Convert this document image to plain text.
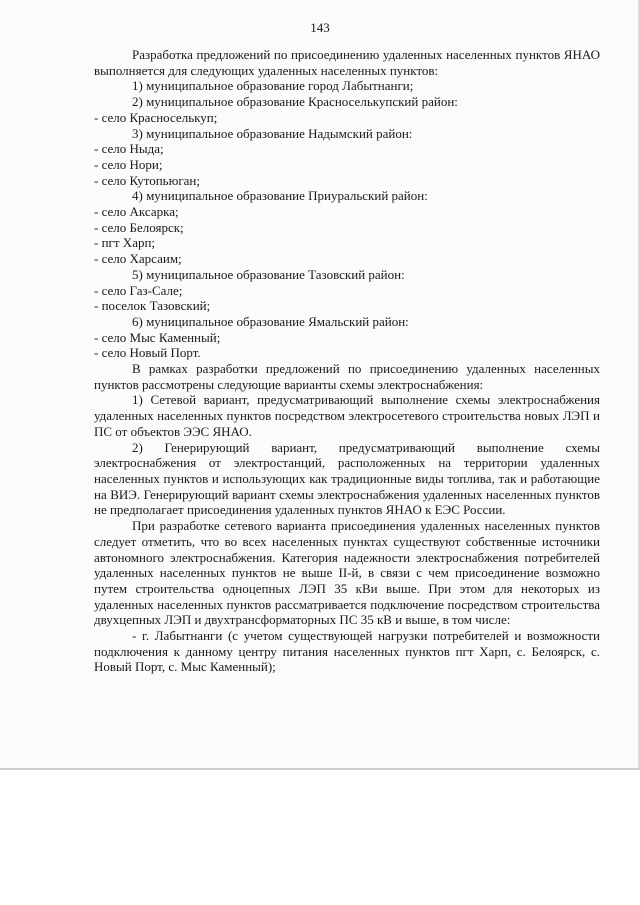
143

Разработка предложений по присоединению удаленных населенных пунктов ЯНАО выполняется для следующих удаленных населенных пунктов:

1) муниципальное образование город Лабытнанги;

2) муниципальное образование Красноселькупский район:

- село Красноселькуп;

3) муниципальное образование Надымский район:

- село Ныда;

- село Нори;

- село Кутопьюган;

4) муниципальное образование Приуральский район:

- село Аксарка;

- село Белоярск;

- пгт Харп;

- село Харсаим;

5) муниципальное образование Тазовский район:

- село Газ-Сале;

- поселок Тазовский;

6) муниципальное образование Ямальский район:

- село Мыс Каменный;

- село Новый Порт.

В рамках разработки предложений по присоединению удаленных населенных пунктов рассмотрены следующие варианты схемы электроснабжения:

1) Сетевой вариант, предусматривающий выполнение схемы электроснабжения удаленных населенных пунктов посредством электросетевого строительства новых ЛЭП и ПС от объектов ЭЭС ЯНАО.

2) Генерирующий вариант, предусматривающий выполнение схемы электроснабжения от электростанций, расположенных на территории удаленных населенных пунктов и использующих как традиционные виды топлива, так и работающие на ВИЭ. Генерирующий вариант схемы электроснабжения удаленных населенных пунктов не предполагает присоединения удаленных пунктов ЯНАО к ЕЭС России.

При разработке сетевого варианта присоединения удаленных населенных пунктов следует отметить, что во всех населенных пунктах существуют собственные источники автономного электроснабжения. Категория надежности электроснабжения потребителей удаленных населенных пунктов не выше II-й, в связи с чем присоединение возможно путем строительства одноцепных ЛЭП 35 кВи выше. При этом для некоторых из удаленных населенных пунктов рассматривается подключение посредством строительства двухцепных ЛЭП и двухтрансформаторных ПС 35 кВ и выше, в том числе:

- г. Лабытнанги (с учетом существующей нагрузки потребителей и возможности подключения к данному центру питания населенных пунктов пгт Харп, с. Белоярск, с. Новый Порт, с. Мыс Каменный);
